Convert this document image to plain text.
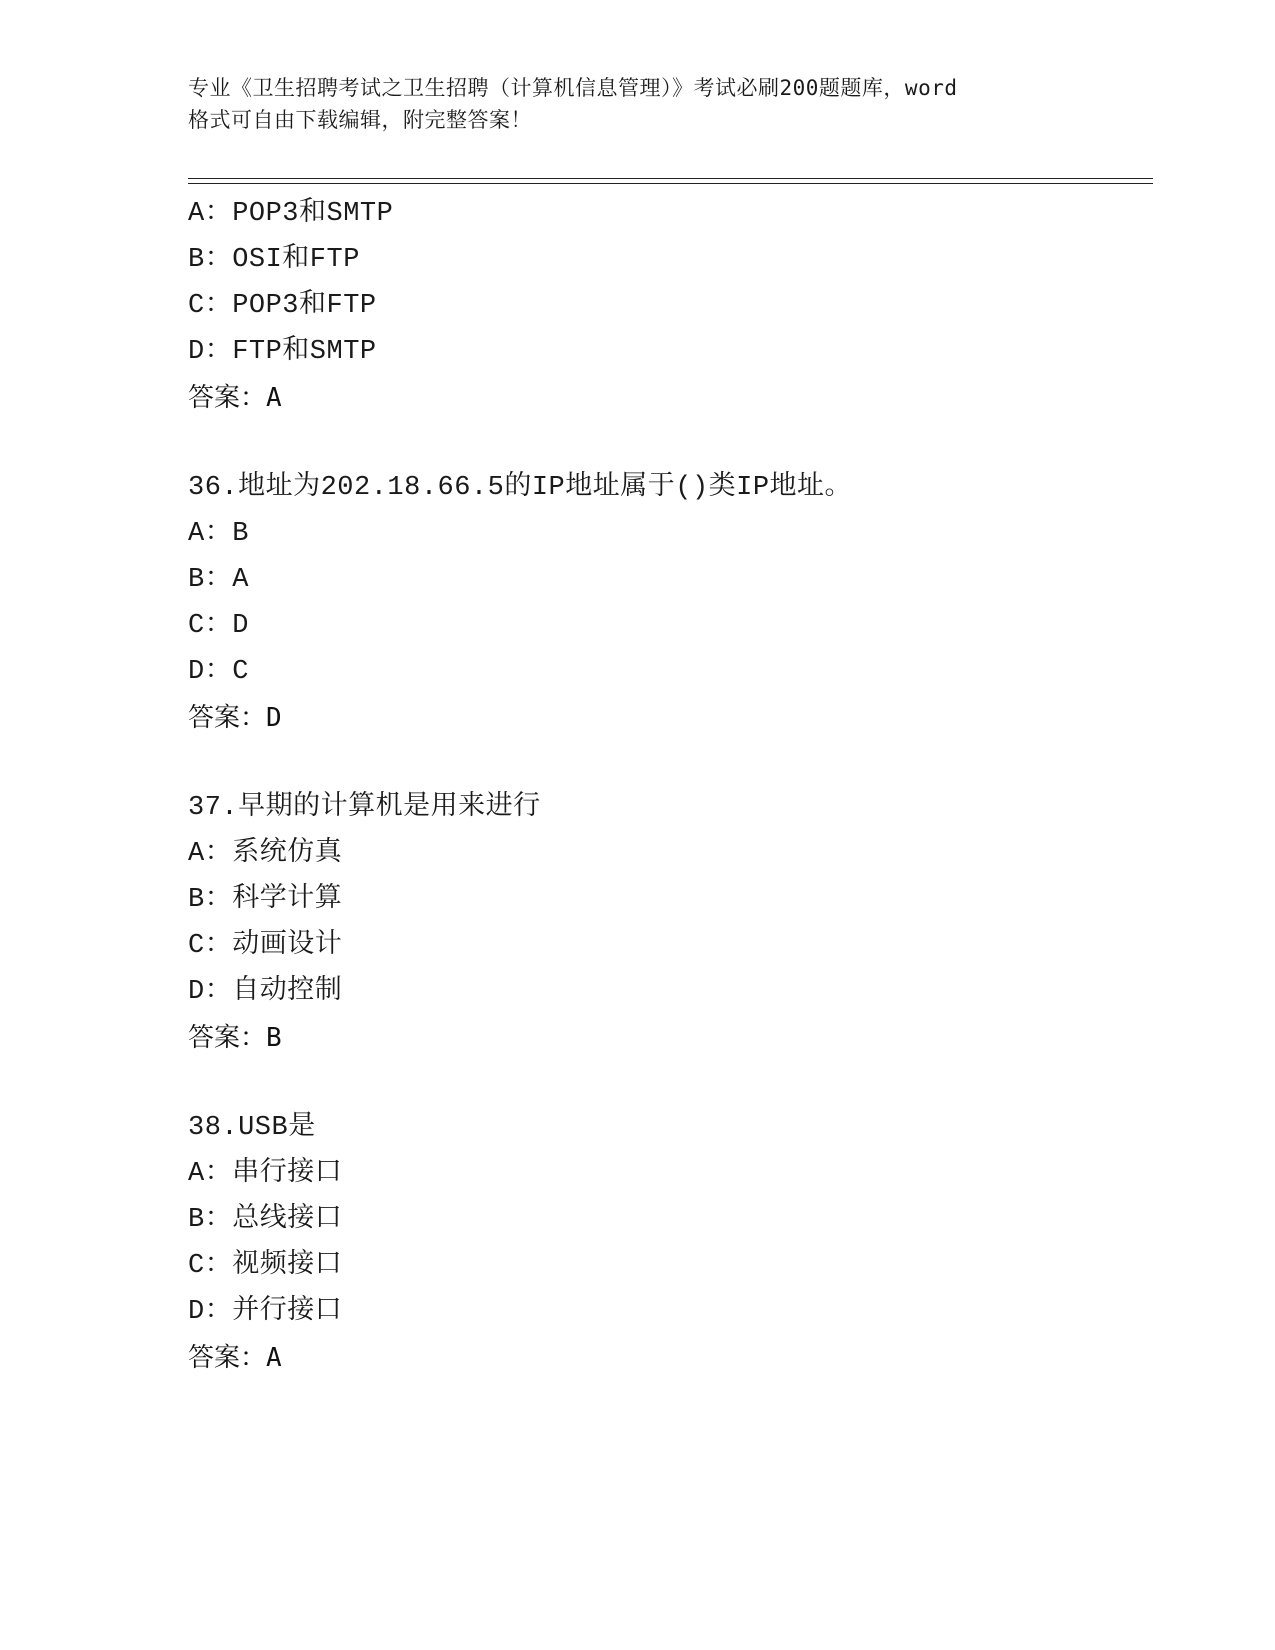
专业《卫生招聘考试之卫生招聘（计算机信息管理）》考试必刷200题题库，word
格式可自由下载编辑，附完整答案！
A：POP3和SMTP
B：OSI和FTP
C：POP3和FTP
D：FTP和SMTP
答案：A
36.地址为202.18.66.5的IP地址属于()类IP地址。
A：B
B：A
C：D
D：C
答案：D
37.早期的计算机是用来进行
A：系统仿真
B：科学计算
C：动画设计
D：自动控制
答案：B
38.USB是
A：串行接口
B：总线接口
C：视频接口
D：并行接口
答案：A
